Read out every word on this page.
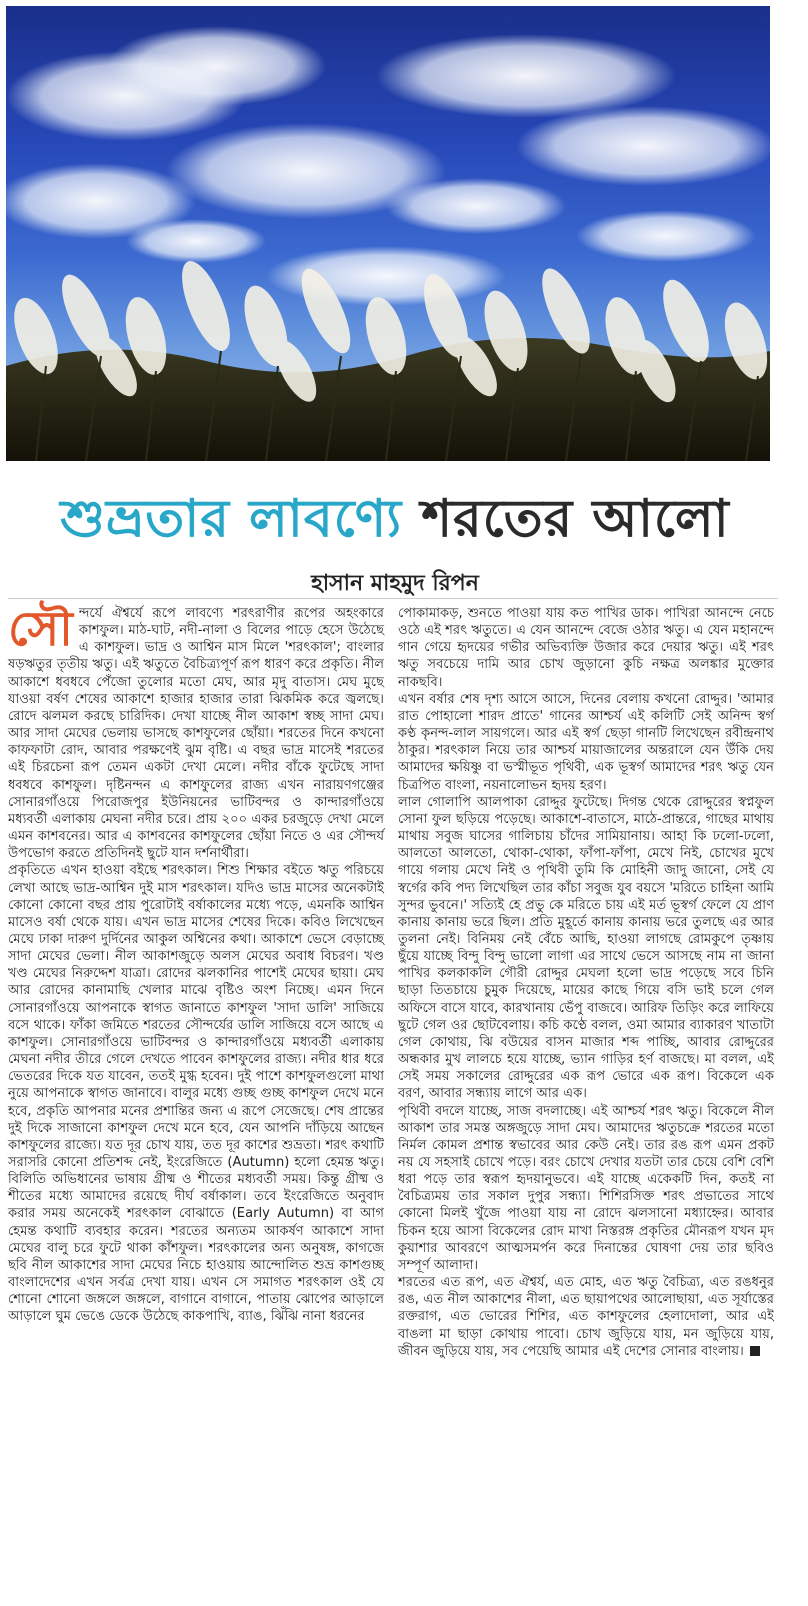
শুভ্রতার লাবণ্যে শরতের আলো
হাসান মাহমুদ রিপন
সৌ ন্দর্যে ঐশ্বর্যে রূপে লাবণ্যে শরৎরাণীর রূপের অহংকারে কাশফুল। মাঠ-ঘাট, নদী-নালা ও বিলের পাড়ে হেসে উঠেছে এ কাশফুল। ভাদ্র ও আশ্বিন মাস মিলে 'শরৎকাল'; বাংলার ষড়ঋতুর তৃতীয় ঋতু। এই ঋতুতে বৈচিত্র্যপূর্ণ রূপ ধারণ করে প্রকৃতি। নীল আকাশে ধবধবে পেঁজো তুলোর মতো মেঘ, আর মৃদু বাতাস। মেঘ মুছে যাওয়া বর্ষণ শেষের আকাশে হাজার হাজার তারা ঝিকমিক করে জ্বলছে। রোদে ঝলমল করছে চারিদিক। দেখা যাচ্ছে নীল আকাশ স্বচ্ছ সাদা মেঘ। আর সাদা মেঘের ভেলায় ভাসছে কাশফুলের ছোঁয়া। শরতের দিনে কখনো কাফফাটা রোদ, আবার পরক্ষণেই ঝুম বৃষ্টি। এ বছর ভাদ্র মাসেই শরতের এই চিরচেনা রূপ তেমন একটা দেখা মেলে। নদীর বাঁকে ফুটেছে সাদা ধবধবে কাশফুল। দৃষ্টিনন্দন এ কাশফুলের রাজ্য এখন নারায়ণগঞ্জের সোনারগাঁওয়ে পিরোজপুর ইউনিয়নের ভাটিবন্দর ও কান্দারগাঁওয়ে মধ্যবর্তী এলাকায় মেঘনা নদীর চরে। প্রায় ২০০ একর চরজুড়ে দেখা মেলে এমন কাশবনের। আর এ কাশবনের কাশফুলের ছোঁয়া নিতে ও এর সৌন্দর্য উপভোগ করতে প্রতিদিনই ছুটে যান দর্শনার্থীরা।

প্রকৃতিতে এখন হাওয়া বইছে শরৎকাল। শিশু শিক্ষার বইতে ঋতু পরিচয়ে লেখা আছে ভাদ্র-আশ্বিন দুই মাস শরৎকাল। যদিও ভাদ্র মাসের অনেকটাই কোনো কোনো বছর প্রায় পুরোটাই বর্ষাকালের মধ্যে পড়ে, এমনকি আশ্বিন মাসেও বর্ষা থেকে যায়। এখন ভাদ্র মাসের শেষের দিকে। কবিও লিখেছেন মেঘে ঢাকা দারুণ দুর্দিনের আকুল অশ্বিনের কথা। আকাশে ভেসে বেড়াচ্ছে সাদা মেঘের ভেলা। নীল আকাশজুড়ে অলস মেঘের অবাধ বিচরণ। খণ্ড খণ্ড মেঘের নিরুদ্দেশ যাত্রা। রোদের ঝলকানির পাশেই মেঘের ছায়া। মেঘ আর রোদের কানামাছি খেলার মাঝে বৃষ্টিও অংশ নিচ্ছে। এমন দিনে সোনারগাঁওয়ে আপনাকে স্বাগত জানাতে কাশফুল 'সাদা ডালি' সাজিয়ে বসে থাকে। ফাঁকা জমিতে শরতের সৌন্দর্যের ডালি সাজিয়ে বসে আছে এ কাশফুল। সোনারগাঁওয়ে ভাটিবন্দর ও কান্দারগাঁওয়ে মধ্যবর্তী এলাকায় মেঘনা নদীর তীরে গেলে দেখতে পাবেন কাশফুলের রাজ্য। নদীর ধার ধরে ভেতরের দিকে যত যাবেন, ততই মুগ্ধ হবেন। দুই পাশে কাশফুলগুলো মাথা নুয়ে আপনাকে স্বাগত জানাবে। বালুর মধ্যে গুচ্ছ গুচ্ছ কাশফুল দেখে মনে হবে, প্রকৃতি আপনার মনের প্রশান্তির জন্য এ রূপে সেজেছে। শেষ প্রান্তের দুই দিকে সাজানো কাশফুল দেখে মনে হবে, যেন আপনি দাঁড়িয়ে আছেন কাশফুলের রাজ্যে। যত দূর চোখ যায়, তত দূর কাশের শুভ্রতা। শরৎ কথাটি সরাসরি কোনো প্রতিশব্দ নেই, ইংরেজিতে (Autumn) হলো হেমন্ত ঋতু। বিলিতি অভিধানের ভাষায় গ্রীষ্ম ও শীতের মধ্যবর্তী সময়। কিন্তু গ্রীষ্ম ও শীতের মধ্যে আমাদের রয়েছে দীর্ঘ বর্ষাকাল। তবে ইংরেজিতে অনুবাদ করার সময় অনেকেই শরৎকাল বোঝাতে (Early Autumn) বা আগ হেমন্ত কথাটি ব্যবহার করেন। শরতের অন্যতম আকর্ষণ আকাশে সাদা মেঘের বালু চরে ফুটে থাকা কাঁশফুল। শরৎকালের অন্য অনুষঙ্গ, কাগজে ছবি নীল আকাশের সাদা মেঘের নিচে হাওয়ায় আন্দোলিত শুভ্র কাশগুচ্ছ বাংলাদেশের এখন সর্বত্র দেখা যায়। এখন সে সমাগত শরৎকাল ওই যে শোনো শোনো জঙ্গলে জঙ্গলে, বাগানে বাগানে, পাতায় ঝোপের আড়ালে আড়ালে ঘুম ভেঙে ডেকে উঠেছে কাকপাখি, ব্যাঙ, ঝিঁঝি নানা ধরনের

পোকামাকড়, শুনতে পাওয়া যায় কত পাখির ডাক। পাখিরা আনন্দে নেচে ওঠে এই শরৎ ঋতুতে। এ যেন আনন্দে বেজে ওঠার ঋতু। এ যেন মহানন্দে গান গেয়ে হৃদয়ের গভীর অভিব্যক্তি উজার করে দেয়ার ঋতু। এই শরৎ ঋতু সবচেয়ে দামি আর চোখ জুড়ানো কুচি নক্ষত্র অলঙ্কার মুক্তোর নাকছবি।

এখন বর্ষার শেষ দৃশ্য আসে আসে, দিনের বেলায় কখনো রোদ্দুর। 'আমার রাত পোহালো শারদ প্রাতে' গানের আশ্চর্য এই কলিটি সেই অনিন্দ স্বর্গ কণ্ঠ কৃনন্দ-লাল সায়গলে। আর এই স্বর্গ ছেড়া গানটি লিখেছেন রবীন্দ্রনাথ ঠাকুর। শরৎকাল নিয়ে তার আশ্চর্য মায়াজালের অন্তরালে যেন উঁকি দেয় আমাদের ক্ষয়িষ্ণু বা ভস্মীভূত পৃথিবী, এক ভূস্বর্গ আমাদের শরৎ ঋতু যেন চিত্রপিত বাংলা, নয়নালোভন হৃদয় হরণ।

লাল গোলাপি আলপাকা রোদ্দুর ফুটেছে। দিগন্ত থেকে রোদ্দুরের স্বপ্নফুল সোনা ফুল ছড়িয়ে পড়েছে। আকাশে-বাতাসে, মাঠে-প্রান্তরে, গাছের মাথায় মাথায় সবুজ ঘাসের গালিচায় চাঁদের সামিয়ানায়। আহা কি ঢলো-ঢলো, আলতো আলতো, থোকা-থোকা, ফাঁপা-ফাঁপা, মেখে নিই, চোখের মুখে গায়ে গলায় মেখে নিই ও পৃথিবী তুমি কি মোহিনী জাদু জানো, সেই যে স্বর্গের কবি পদ্য লিখেছিল তার কাঁচা সবুজ যুব বয়সে 'মরিতে চাহিনা আমি সুন্দর ভুবনে।' সত্যিই হে প্রভু কে মরিতে চায় এই মর্ত ভূস্বর্গ ফেলে যে প্রাণ কানায় কানায় ভরে ছিল। প্রতি মুহূর্তে কানায় কানায় ভরে তুলছে এর আর তুলনা নেই। বিনিময় নেই বেঁচে আছি, হাওয়া লাগছে রোমকুপে তৃষ্ণায় ছুঁয়ে যাচ্ছে বিন্দু বিন্দু ভালো লাগা এর সাথে ভেসে আসছে নাম না জানা পাখির কলকাকলি গৌরী রোদ্দুর মেঘলা হলো ভাদ্র পড়েছে সবে চিনি ছাড়া তিতচায়ে চুমুক দিয়েছে, মায়ের কাছে গিয়ে বসি ভাই চলে গেল অফিসে বাসে যাবে, কারখানায় ভেঁপু বাজবে। আরিফ তিড়িং করে লাফিয়ে ছুটে গেল ওর ছোটবেলায়। কচি কণ্ঠে বলল, ওমা আমার ব্যাকারণ খাতাটা গেল কোথায়, ঝি বউয়ের বাসন মাজার শব্দ পাচ্ছি, আবার রোদ্দুরের অন্ধকার মুখ লালচে হয়ে যাচ্ছে, ভ্যান গাড়ির হর্ণ বাজছে। মা বলল, এই সেই সময় সকালের রোদ্দুরের এক রূপ ভোরে এক রূপ। বিকেলে এক বরণ, আবার সন্ধ্যায় লাগে আর এক।

পৃথিবী বদলে যাচ্ছে, সাজ বদলাচ্ছে। এই আশ্চর্য শরৎ ঋতু। বিকেলে নীল আকাশ তার সমস্ত অঙ্গজুড়ে সাদা মেঘ। আমাদের ঋতুচক্রে শরতের মতো নির্মল কোমল প্রশান্ত স্বভাবের আর কেউ নেই। তার রঙ রূপ এমন প্রকট নয় যে সহসাই চোখে পড়ে। বরং চোখে দেখার যতটা তার চেয়ে বেশি বেশি ধরা পড়ে তার স্বরূপ হৃদয়ানুভবে। এই যাচ্ছে একেকটি দিন, কতই না বৈচিত্র্যময় তার সকাল দুপুর সন্ধ্যা। শিশিরসিক্ত শরৎ প্রভাতের সাথে কোনো মিলই খুঁজে পাওয়া যায় না রোদে ঝলসানো মধ্যাহ্নের। আবার চিকন হয়ে আসা বিকেলের রোদ মাখা নিস্তরঙ্গ প্রকৃতির মৌনরূপ যখন মৃদ কুয়াশার আবরণে আত্মসমর্পন করে দিনান্তের ঘোষণা দেয় তার ছবিও সম্পূর্ণ আলাদা।

শরতের এত রূপ, এত ঐশ্বর্য, এত মোহ, এত ঋতু বৈচিত্র্য, এত রঙধনুর রঙ, এত নীল আকাশের নীলা, এত ছায়াপথের আলোছায়া, এত সূর্যাস্তের রক্তরাগ, এত ভোরের শিশির, এত কাশফুলের হেলাদোলা, আর এই বাঙলা মা ছাড়া কোথায় পাবো। চোখ জুড়িয়ে যায়, মন জুড়িয়ে যায়, জীবন জুড়িয়ে যায়, সব পেয়েছি আমার এই দেশের সোনার বাংলায়।
